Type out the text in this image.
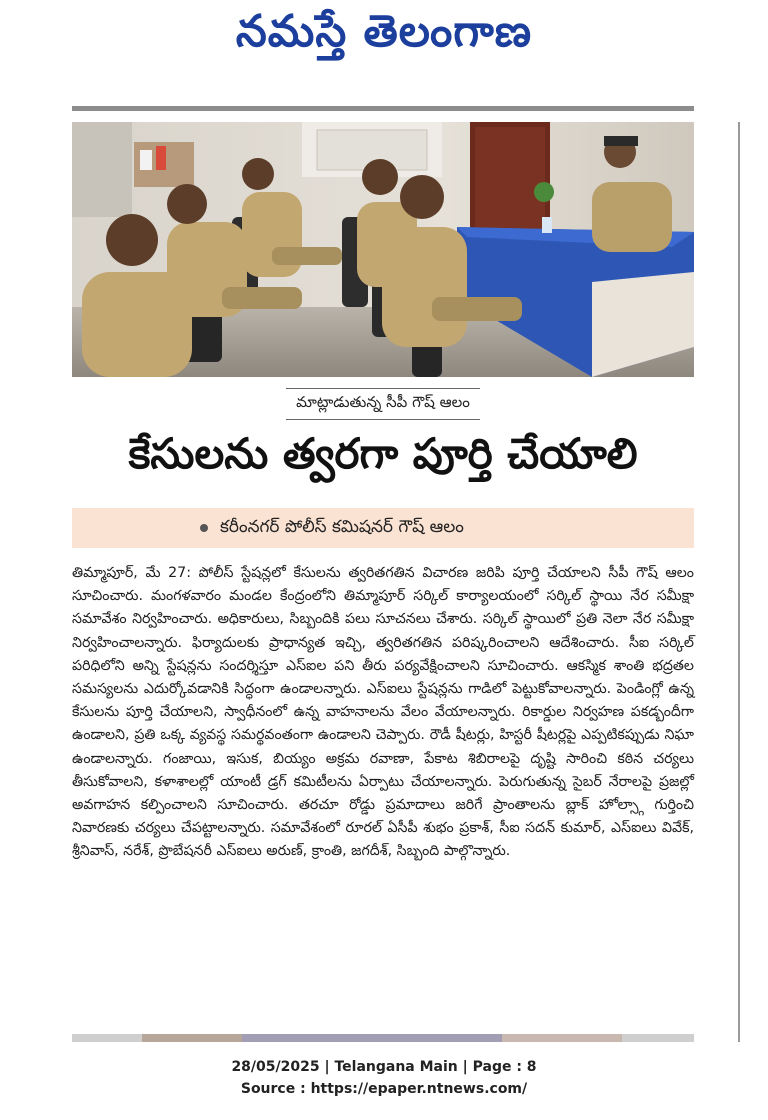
నమస్తే తెలంగాణ
మాట్లాడుతున్న సీపీ గౌష్ ఆలం
కేసులను త్వరగా పూర్తి చేయాలి
కరీంనగర్ పోలీస్ కమిషనర్ గౌష్ ఆలం
తిమ్మాపూర్, మే 27: పోలీస్ స్టేషన్లలో కేసులను త్వరితగతిన విచారణ జరిపి పూర్తి చేయాలని సీపీ గౌష్ ఆలం సూచించారు. మంగళవారం మండల కేంద్రంలోని తిమ్మాపూర్ సర్కిల్ కార్యాలయంలో సర్కిల్ స్థాయి నేర సమీక్షా సమావేశం నిర్వహించారు. అధికారులు, సిబ్బందికి పలు సూచనలు చేశారు. సర్కిల్ స్థాయిలో ప్రతి నెలా నేర సమీక్షా నిర్వహించాలన్నారు. ఫిర్యాదులకు ప్రాధాన్యత ఇచ్చి, త్వరితగతిన పరిష్కరించాలని ఆదేశించారు. సీఐ సర్కిల్ పరిధిలోని అన్ని స్టేషన్లను సందర్శిస్తూ ఎస్ఐల పని తీరు పర్యవేక్షించాలని సూచించారు. ఆకస్మిక శాంతి భద్రతల సమస్యలను ఎదుర్కోవడానికి సిద్ధంగా ఉండాలన్నారు. ఎస్ఐలు స్టేషన్లను గాడిలో పెట్టుకోవాలన్నారు. పెండింగ్లో ఉన్న కేసులను పూర్తి చేయాలని, స్వాధీనంలో ఉన్న వాహనాలను వేలం వేయాలన్నారు. రికార్డుల నిర్వహణ పకడ్బందీగా ఉండాలని, ప్రతి ఒక్క వ్యవస్థ సమర్థవంతంగా ఉండాలని చెప్పారు. రౌడీ షీటర్లు, హిస్టరీ షీటర్లపై ఎప్పటికప్పుడు నిఘా ఉండాలన్నారు. గంజాయి, ఇసుక, బియ్యం అక్రమ రవాణా, పేకాట శిబిరాలపై దృష్టి సారించి కఠిన చర్యలు తీసుకోవాలని, కళాశాలల్లో యాంటీ డ్రగ్ కమిటీలను ఏర్పాటు చేయాలన్నారు. పెరుగుతున్న సైబర్ నేరాలపై ప్రజల్లో అవగాహన కల్పించాలని సూచించారు. తరచూ రోడ్డు ప్రమాదాలు జరిగే ప్రాంతాలను బ్లాక్ హోల్స్గా గుర్తించి నివారణకు చర్యలు చేపట్టాలన్నారు. సమావేశంలో రూరల్ ఏసీపీ శుభం ప్రకాశ్, సీఐ సదన్ కుమార్, ఎస్ఐలు వివేక్, శ్రీనివాస్, నరేశ్, ప్రొబేషనరీ ఎస్ఐలు అరుణ్, క్రాంతి, జగదీశ్, సిబ్బంది పాల్గొన్నారు.
28/05/2025 | Telangana Main | Page : 8
Source : https://epaper.ntnews.com/
